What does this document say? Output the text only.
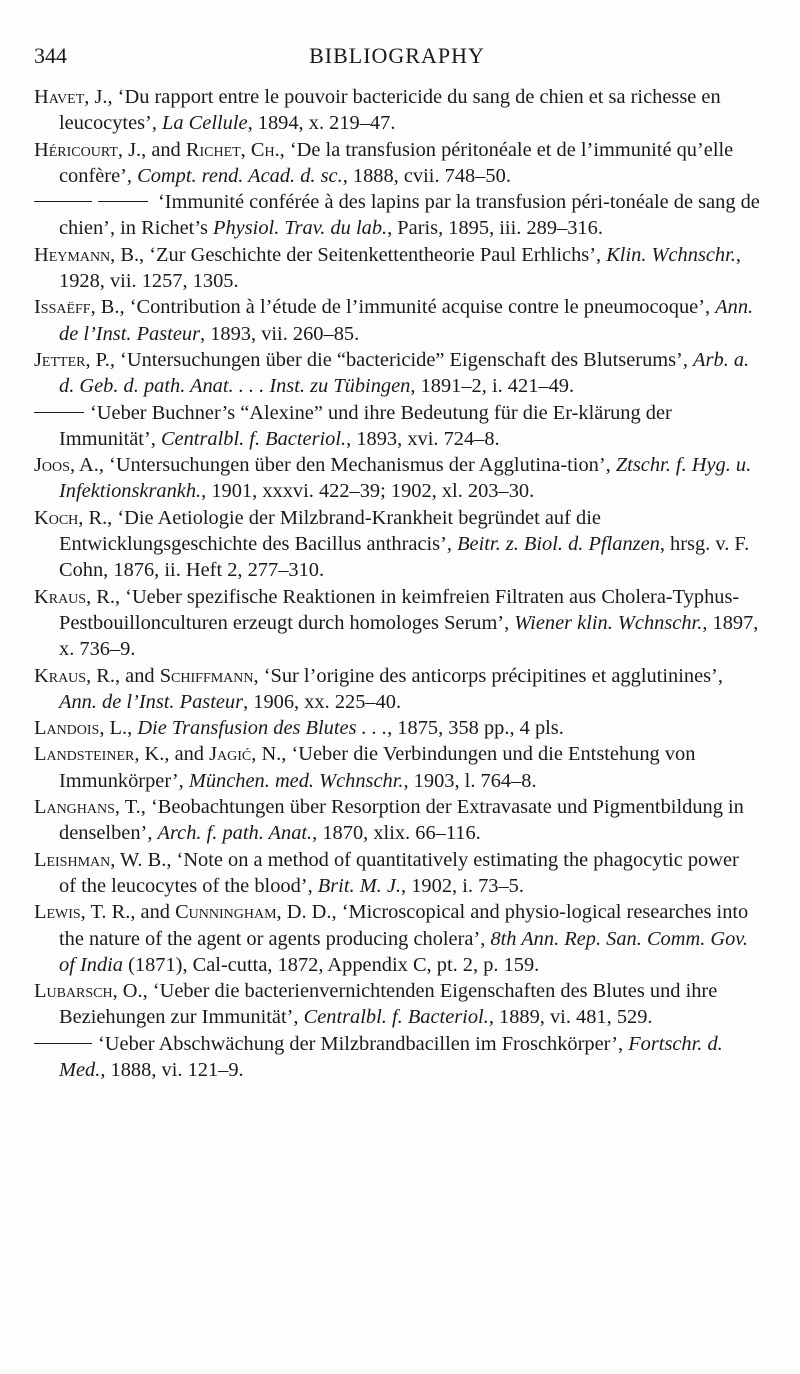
344	BIBLIOGRAPHY

Havet, J., ‘Du rapport entre le pouvoir bactericide du sang de chien et sa richesse en leucocytes’, La Cellule, 1894, x. 219–47.

Héricourt, J., and Richet, Ch., ‘De la transfusion péritonéale et de l’immunité qu’elle confère’, Compt. rend. Acad. d. sc., 1888, cvii. 748–50.

‘Immunité conférée à des lapins par la transfusion péri-tonéale de sang de chien’, in Richet’s Physiol. Trav. du lab., Paris, 1895, iii. 289–316.

Heymann, B., ‘Zur Geschichte der Seitenkettentheorie Paul Erhlichs’, Klin. Wchnschr., 1928, vii. 1257, 1305.

Issaëff, B., ‘Contribution à l’étude de l’immunité acquise contre le pneumocoque’, Ann. de l’Inst. Pasteur, 1893, vii. 260–85.

Jetter, P., ‘Untersuchungen über die “bactericide” Eigenschaft des Blutserums’, Arb. a. d. Geb. d. path. Anat. . . . Inst. zu Tübingen, 1891–2, i. 421–49.

‘Ueber Buchner’s “Alexine” und ihre Bedeutung für die Er-klärung der Immunität’, Centralbl. f. Bacteriol., 1893, xvi. 724–8.

Joos, A., ‘Untersuchungen über den Mechanismus der Agglutina-tion’, Ztschr. f. Hyg. u. Infektionskrankh., 1901, xxxvi. 422–39; 1902, xl. 203–30.

Koch, R., ‘Die Aetiologie der Milzbrand-Krankheit begründet auf die Entwicklungsgeschichte des Bacillus anthracis’, Beitr. z. Biol. d. Pflanzen, hrsg. v. F. Cohn, 1876, ii. Heft 2, 277–310.

Kraus, R., ‘Ueber spezifische Reaktionen in keimfreien Filtraten aus Cholera-Typhus-Pestbouillonculturen erzeugt durch homologes Serum’, Wiener klin. Wchnschr., 1897, x. 736–9.

Kraus, R., and Schiffmann, ‘Sur l’origine des anticorps précipitines et agglutinines’, Ann. de l’Inst. Pasteur, 1906, xx. 225–40.

Landois, L., Die Transfusion des Blutes . . ., 1875, 358 pp., 4 pls.

Landsteiner, K., and Jagić, N., ‘Ueber die Verbindungen und die Entstehung von Immunkörper’, München. med. Wchnschr., 1903, l. 764–8.

Langhans, T., ‘Beobachtungen über Resorption der Extravasate und Pigmentbildung in denselben’, Arch. f. path. Anat., 1870, xlix. 66–116.

Leishman, W. B., ‘Note on a method of quantitatively estimating the phagocytic power of the leucocytes of the blood’, Brit. M. J., 1902, i. 73–5.

Lewis, T. R., and Cunningham, D. D., ‘Microscopical and physio-logical researches into the nature of the agent or agents producing cholera’, 8th Ann. Rep. San. Comm. Gov. of India (1871), Cal-cutta, 1872, Appendix C, pt. 2, p. 159.

Lubarsch, O., ‘Ueber die bacterienvernichtenden Eigenschaften des Blutes und ihre Beziehungen zur Immunität’, Centralbl. f. Bacteriol., 1889, vi. 481, 529.

‘Ueber Abschwächung der Milzbrandbacillen im Froschkörper’, Fortschr. d. Med., 1888, vi. 121–9.
